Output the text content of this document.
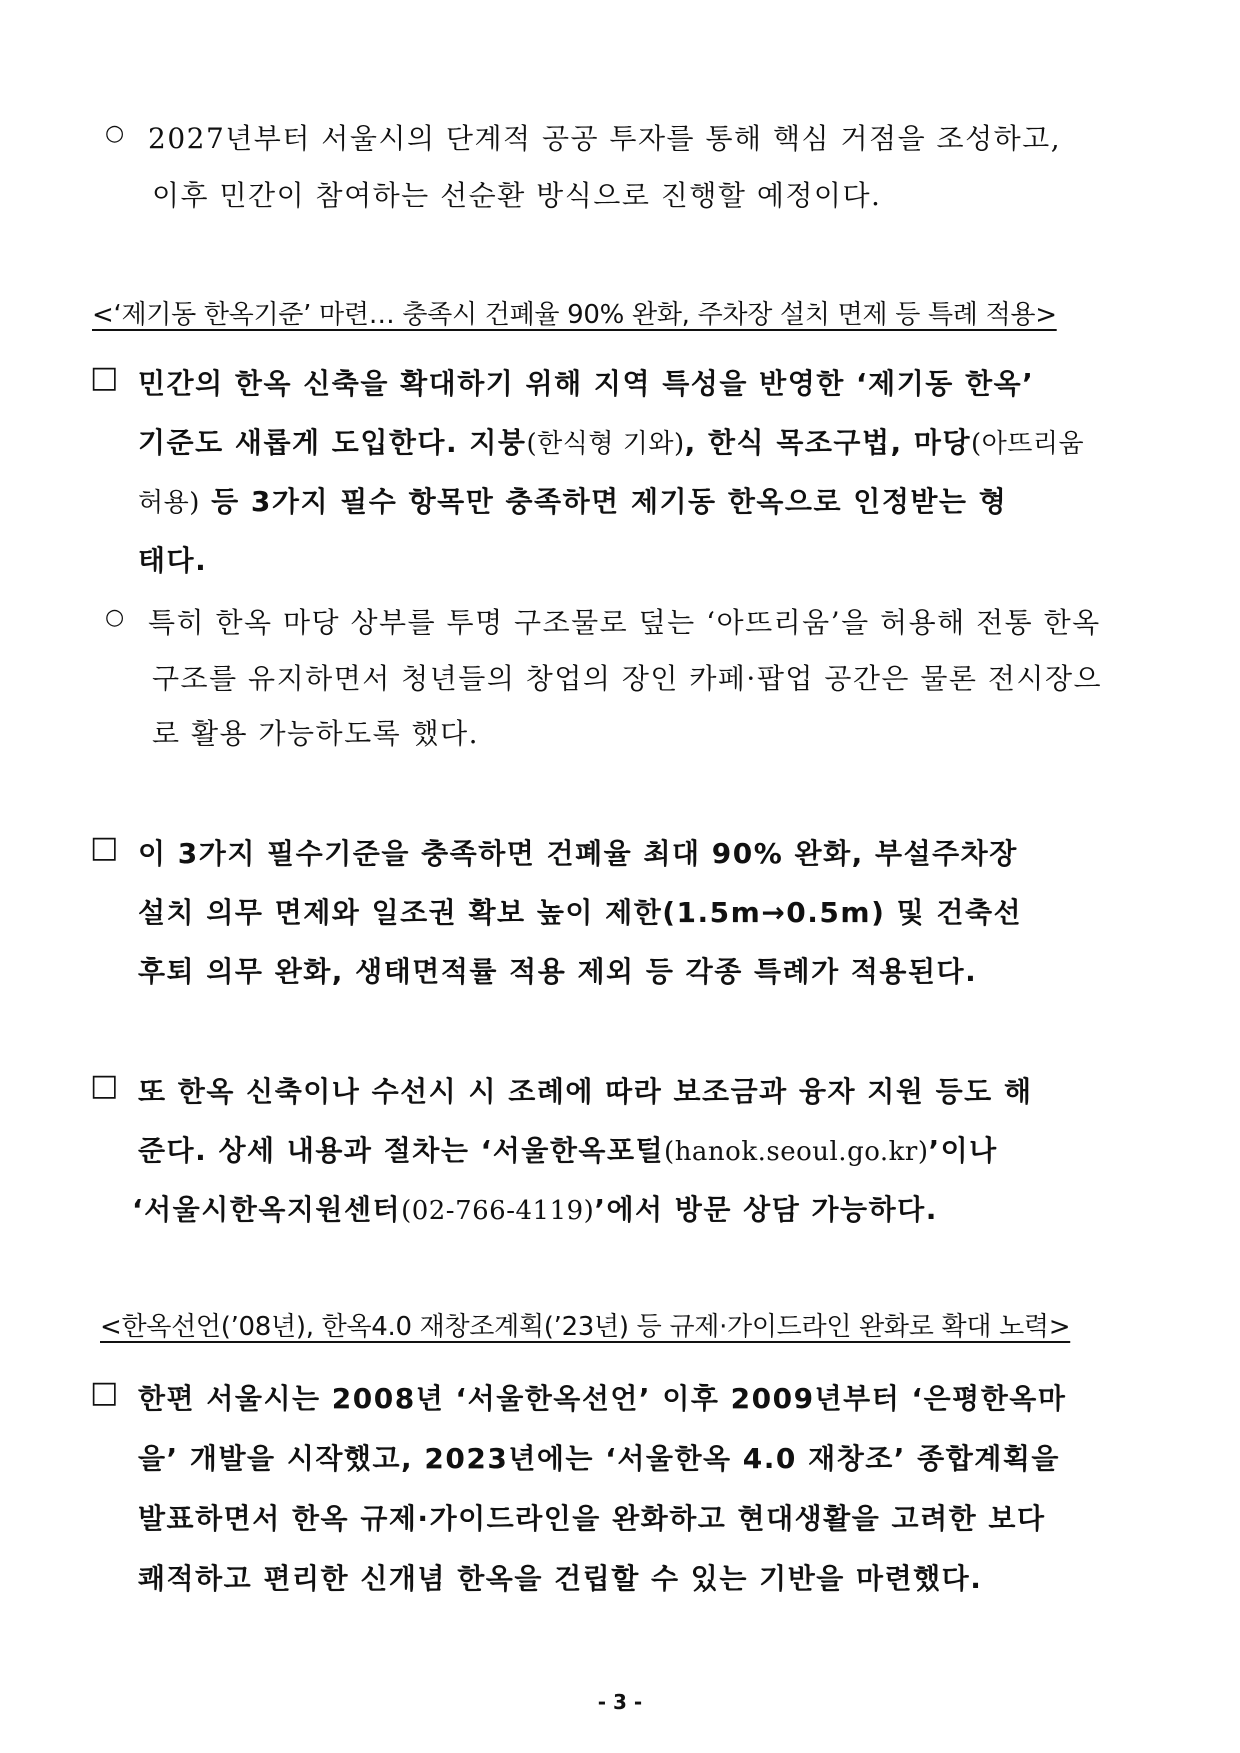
○ 2027년부터 서울시의 단계적 공공 투자를 통해 핵심 거점을 조성하고,
이후 민간이 참여하는 선순환 방식으로 진행할 예정이다.
<‘제기동 한옥기준’ 마련… 충족시 건폐율 90% 완화, 주차장 설치 면제 등 특례 적용>
□ 민간의 한옥 신축을 확대하기 위해 지역 특성을 반영한 ‘제기동 한옥’
기준도 새롭게 도입한다. 지붕(한식형 기와), 한식 목조구법, 마당(아뜨리움
허용) 등 3가지 필수 항목만 충족하면 제기동 한옥으로 인정받는 형
태다.
○ 특히 한옥 마당 상부를 투명 구조물로 덮는 ‘아뜨리움’을 허용해 전통 한옥
구조를 유지하면서 청년들의 창업의 장인 카페·팝업 공간은 물론 전시장으
로 활용 가능하도록 했다.
□ 이 3가지 필수기준을 충족하면 건폐율 최대 90% 완화, 부설주차장
설치 의무 면제와 일조권 확보 높이 제한(1.5m→0.5m) 및 건축선
후퇴 의무 완화, 생태면적률 적용 제외 등 각종 특례가 적용된다.
□ 또 한옥 신축이나 수선시 시 조례에 따라 보조금과 융자 지원 등도 해
준다. 상세 내용과 절차는 ‘서울한옥포털(hanok.seoul.go.kr)’이나
‘서울시한옥지원센터(02-766-4119)’에서 방문 상담 가능하다.
<한옥선언(’08년), 한옥4.0 재창조계획(’23년) 등 규제·가이드라인 완화로 확대 노력>
□ 한편 서울시는 2008년 ‘서울한옥선언’ 이후 2009년부터 ‘은평한옥마
을’ 개발을 시작했고, 2023년에는 ‘서울한옥 4.0 재창조’ 종합계획을
발표하면서 한옥 규제·가이드라인을 완화하고 현대생활을 고려한 보다
쾌적하고 편리한 신개념 한옥을 건립할 수 있는 기반을 마련했다.
- 3 -
